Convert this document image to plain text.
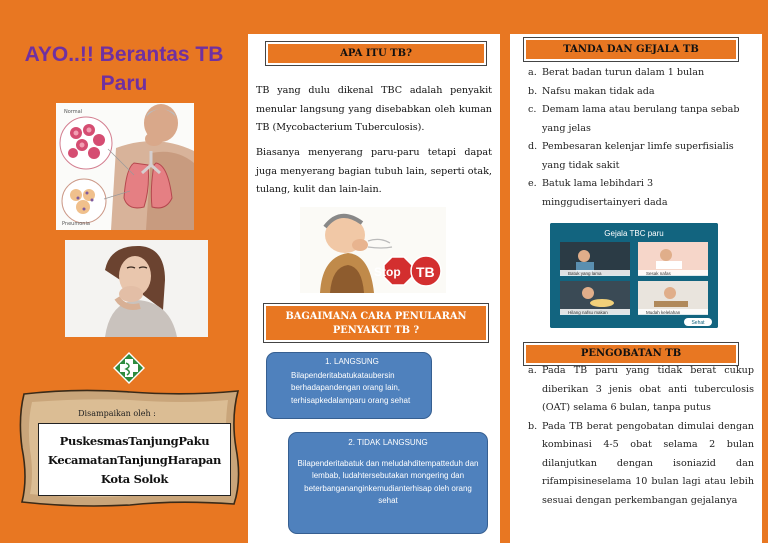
AYO..!! Berantas TB
Paru
Pneumonia
Normal
Disampaikan oleh :
PuskesmasTanjungPaku
KecamatanTanjungHarapan
Kota Solok
APA ITU TB?
TB yang dulu dikenal TBC adalah penyakit menular langsung yang disebabkan oleh kuman TB (Mycobacterium Tuberculosis).
Biasanya menyerang paru-paru tetapi dapat juga menyerang bagian tubuh lain, seperti otak, tulang, kulit dan lain-lain.
Stop TB
BAGAIMANA CARA PENULARAN
PENYAKIT TB ?
1. LANGSUNG
Bilapenderitabatukataubersin berhadapandengan orang lain, terhisapkedalamparu orang sehat
2. TIDAK LANGSUNG
Bilapenderitabatuk dan meludahditempatteduh dan lembab, ludahtersebutakan mongering dan beterbangananginkemudianterhisap oleh orang sehat
TANDA DAN GEJALA TB
a. Berat badan turun dalam 1 bulan
b. Nafsu makan tidak ada
c. Demam lama atau berulang tanpa sebab yang jelas
d. Pembesaran kelenjar limfe superfisialis yang tidak sakit
e. Batuk lama lebihdari 3 minggudisertainyeri dada
Gejala TBC paru
Batuk yang lama	Sesak nafas
Hilang nafsu makan	Mudah kelelahan
Sehat
PENGOBATAN TB
a. Pada TB paru yang tidak berat cukup diberikan 3 jenis obat anti tuberculosis (OAT) selama 6 bulan, tanpa putus
b. Pada TB berat pengobatan dimulai dengan kombinasi 4-5 obat selama 2 bulan dilanjutkan dengan isoniazid dan rifampisineselama 10 bulan lagi atau lebih sesuai dengan perkembangan gejalanya
